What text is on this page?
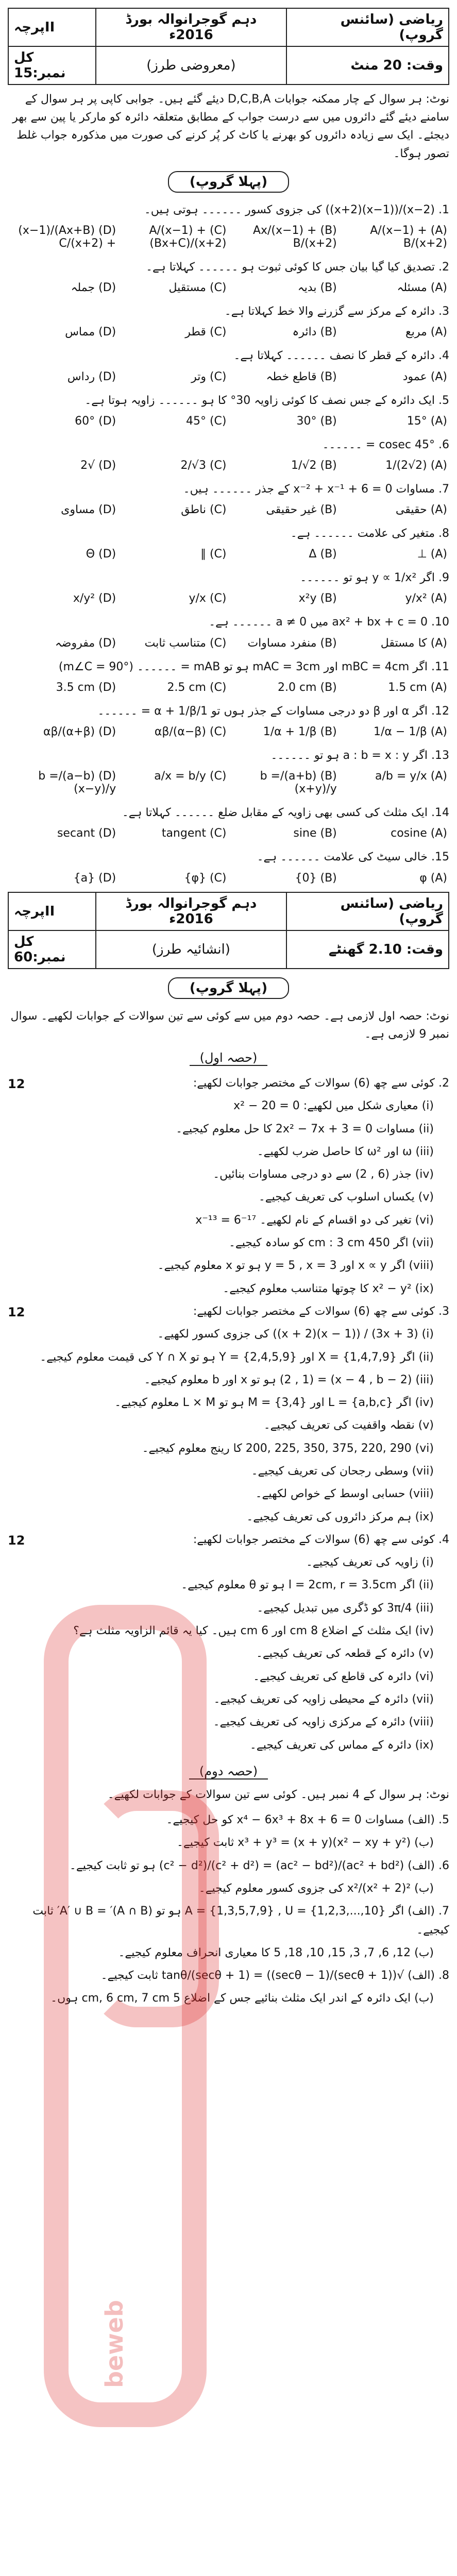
beweb
پرچہII	دہم گوجرانوالہ بورڈ 2016ء	ریاضی (سائنس گروپ)
کل نمبر:15	(معروضی طرز)	وقت: 20 منٹ
نوٹ: ہر سوال کے چار ممکنہ جوابات D,C,B,A دیئے گئے ہیں۔ جوابی کاپی پر ہر سوال کے سامنے دیئے گئے دائروں میں سے درست جواب کے مطابق متعلقہ دائرہ کو مارکر یا پین سے بھر دیجئے۔ ایک سے زیادہ دائروں کو بھرنے یا کاٹ کر پُر کرنے کی صورت میں مذکورہ جواب غلط تصور ہوگا۔
(پہلا گروپ)
1. (x−2)/((x−1)(x+2)) کی جزوی کسور ۔۔۔۔۔۔ ہوتی ہیں۔
(A) A/(x−1) + B/(x+2)
(B) Ax/(x−1) + B/(x+2)
(C) A/(x−1) + (Bx+C)/(x+2)
(D) (Ax+B)/(x−1) + C/(x+2)
2. تصدیق کیا گیا بیان جس کا کوئی ثبوت ہو ۔۔۔۔۔۔ کہلاتا ہے۔
(A) مسئلہ
(B) بدیہ
(C) مستقیل
(D) جملہ
3. دائرہ کے مرکز سے گزرنے والا خط کہلاتا ہے۔
(A) مربع
(B) دائرہ
(C) قطر
(D) مماس
4. دائرہ کے قطر کا نصف ۔۔۔۔۔۔ کہلاتا ہے۔
(A) عمود
(B) قاطع خطہ
(C) وتر
(D) رداس
5. ایک دائرہ کے جس نصف کا کوئی زاویہ 30° کا ہو ۔۔۔۔۔۔ زاویہ ہوتا ہے۔
(A) 15°
(B) 30°
(C) 45°
(D) 60°
6. cosec 45° = ۔۔۔۔۔۔
(A) 1/(2√2)
(B) 1/√2
(C) 2/√3
(D) √2
7. مساوات x⁻² + x⁻¹ + 6 = 0 کے جذر ۔۔۔۔۔۔ ہیں۔
(A) حقیقی
(B) غیر حقیقی
(C) ناطق
(D) مساوی
8. متغیر کی علامت ۔۔۔۔۔۔ ہے۔
(A) ⊥
(B) Δ
(C) ∥
(D) Θ
9. اگر y ∝ 1/x² ہو تو ۔۔۔۔۔۔
(A) y/x²
(B) x²y
(C) y/x
(D) x/y²
10. ax² + bx + c = 0 میں a ≠ 0 ۔۔۔۔۔۔ ہے۔
(A) کا مستقل
(B) منفرد مساوات
(C) متناسب ثابت
(D) مفروضہ
11. اگر mBC = 4cm اور mAC = 3cm ہو تو mAB = ۔۔۔۔۔۔ (m∠C = 90°)
(A) 1.5 cm
(B) 2.0 cm
(C) 2.5 cm
(D) 3.5 cm
12. اگر α اور β دو درجی مساوات کے جذر ہوں تو 1/α + 1/β = ۔۔۔۔۔۔
(A) 1/α − 1/β
(B) 1/α + 1/β
(C) (α−β)/αβ
(D) (α+β)/αβ
13. اگر a : b = x : y ہو تو ۔۔۔۔۔۔
(A) a/b = y/x
(B) (a+b)/b = (x+y)/y
(C) a/x = b/y
(D) (a−b)/b = (x−y)/y
14. ایک مثلث کی کسی بھی زاویہ کے مقابل ضلع ۔۔۔۔۔۔ کہلاتا ہے۔
(A) cosine
(B) sine
(C) tangent
(D) secant
15. خالی سیٹ کی علامت ۔۔۔۔۔۔ ہے۔
(A) φ
(B) {0}
(C) {φ}
(D) {a}
پرچہII	دہم گوجرانوالہ بورڈ 2016ء	ریاضی (سائنس گروپ)
کل نمبر:60	(انشائیہ طرز)	وقت: 2.10 گھنٹے
(پہلا گروپ)
نوٹ: حصہ اول لازمی ہے۔ حصہ دوم میں سے کوئی سے تین سوالات کے جوابات لکھیے۔ سوال نمبر 9 لازمی ہے۔
(حصہ اول)
12	2. کوئی سے چھ (6) سوالات کے مختصر جوابات لکھیے:
(i) معیاری شکل میں لکھیے: x² − 20 = 0
(ii) مساوات 2x² − 7x + 3 = 0 کا حل معلوم کیجیے۔
(iii) ω اور ω² کا حاصل ضرب لکھیے۔
(iv) جذر (6 , 2) سے دو درجی مساوات بنائیں۔
(v) یکساں اسلوب کی تعریف کیجیے۔
(vi) تغیر کی دو اقسام کے نام لکھیے۔ x⁻¹³ = 6⁻¹⁷
(vii) اگر 450 cm : 3 cm کو سادہ کیجیے۔
(viii) اگر x ∝ y اور y = 5 , x = 3 ہو تو x معلوم کیجیے۔
(ix) x² − y² کا چوتھا متناسب معلوم کیجیے۔
12	3. کوئی سے چھ (6) سوالات کے مختصر جوابات لکھیے:
(i) (3x + 3) / ((x − 1)(x + 2)) کی جزوی کسور لکھیے۔
(ii) اگر X = {1,4,7,9} اور Y = {2,4,5,9} ہو تو Y ∩ X کی قیمت معلوم کیجیے۔
(iii) (x − 4 , b − 2) = (2 , 1) ہو تو x اور b معلوم کیجیے۔
(iv) اگر L = {a,b,c} اور M = {3,4} ہو تو L × M معلوم کیجیے۔
(v) نقطہ واقفیت کی تعریف کیجیے۔
(vi) 200, 225, 350, 375, 220, 290 کا رینج معلوم کیجیے۔
(vii) وسطی رجحان کی تعریف کیجیے۔
(viii) حسابی اوسط کے خواص لکھیے۔
(ix) ہم مرکز دائروں کی تعریف کیجیے۔
12	4. کوئی سے چھ (6) سوالات کے مختصر جوابات لکھیے:
(i) زاویہ کی تعریف کیجیے۔
(ii) اگر l = 2cm, r = 3.5cm ہو تو θ معلوم کیجیے۔
(iii) 3π/4 کو ڈگری میں تبدیل کیجیے۔
(iv) ایک مثلث کے اضلاع 8 cm اور 6 cm ہیں۔ کیا یہ قائم الزاویہ مثلث ہے؟
(v) دائرہ کے قطعہ کی تعریف کیجیے۔
(vi) دائرہ کی قاطع کی تعریف کیجیے۔
(vii) دائرہ کے محیطی زاویہ کی تعریف کیجیے۔
(viii) دائرہ کے مرکزی زاویہ کی تعریف کیجیے۔
(ix) دائرہ کے مماس کی تعریف کیجیے۔
(حصہ دوم)
نوٹ: ہر سوال کے 4 نمبر ہیں۔ کوئی سے تین سوالات کے جوابات لکھیے۔
5. (الف) مساوات x⁴ − 6x³ + 8x + 6 = 0 کو حل کیجیے۔
(ب) x³ + y³ = (x + y)(x² − xy + y²) ثابت کیجیے۔
6. (الف) (ac² + bd²)/(ac² − bd²) = (c² + d²)/(c² − d²) ہو تو ثابت کیجیے۔
(ب) x²/(x² + 2)² کی جزوی کسور معلوم کیجیے۔
7. (الف) اگر A = {1,3,5,7,9} , U = {1,2,3,...,10} ہو تو (A ∩ B)′ = A′ ∪ B′ ثابت کیجیے۔
(ب) 12, 6, 7, 3, 15, 10, 18, 5 کا معیاری انحراف معلوم کیجیے۔
8. (الف) √((secθ + 1)/(secθ − 1)) = (secθ + 1)/tanθ ثابت کیجیے۔
(ب) ایک دائرہ کے اندر ایک مثلث بنائیے جس کے اضلاع 5 cm, 6 cm, 7 cm ہوں۔
